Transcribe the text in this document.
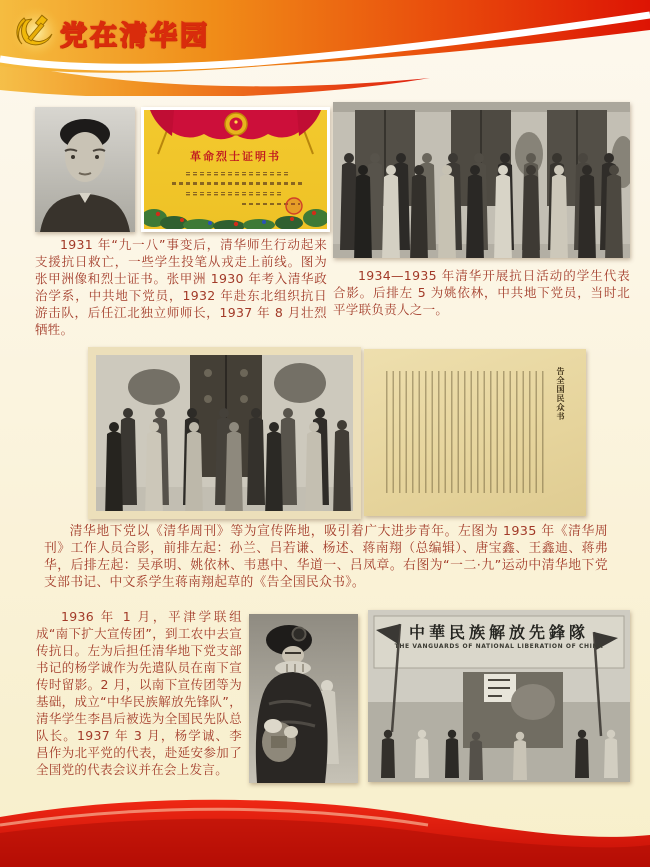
党在清华园
革命烈士证明书

1931 年“九一八”事变后，清华师生行动起来支援抗日救亡，一些学生投笔从戎走上前线。图为张甲洲像和烈士证书。张甲洲 1930 年考入清华政治学系，中共地下党员，1932 年赴东北组织抗日游击队，后任江北独立师师长，1937 年 8 月壮烈牺牲。

1934—1935 年清华开展抗日活动的学生代表合影。后排左 5 为姚依林，中共地下党员，当时北平学联负责人之一。

告全国民众书

清华地下党以《清华周刊》等为宣传阵地，吸引着广大进步青年。左图为 1935 年《清华周刊》工作人员合影，前排左起：孙兰、吕若谦、杨述、蒋南翔（总编辑）、唐宝鑫、王鑫迪、蒋弗华，后排左起：吴承明、姚依林、韦惠中、华道一、吕凤章。右图为“一二·九”运动中清华地下党支部书记、中文系学生蒋南翔起草的《告全国民众书》。

1936 年 1 月，平津学联组成“南下扩大宣传团”，到工农中去宣传抗日。左为后担任清华地下党支部书记的杨学诚作为先遣队员在南下宣传时留影。2 月，以南下宣传团等为基础，成立“中华民族解放先锋队”，清华学生李昌后被选为全国民先队总队长。1937 年 3 月，杨学诚、李昌作为北平党的代表，赴延安参加了全国党的代表会议并在会上发言。

中華民族解放先鋒隊
THE VANGUARDS OF NATIONAL LIBERATION OF CHINA
